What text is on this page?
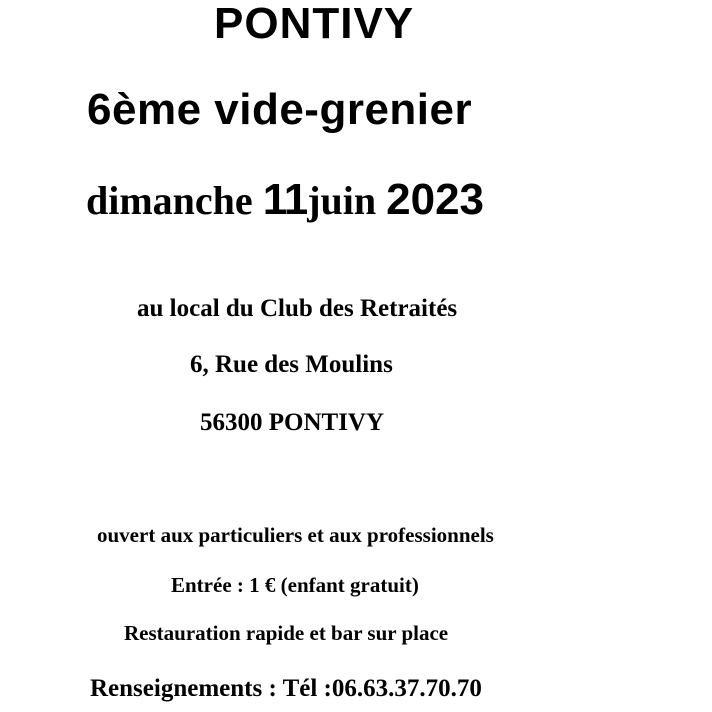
PONTIVY
6ème vide-grenier
dimanche 11juin 2023
au local du Club des Retraités
6, Rue des Moulins
56300 PONTIVY
ouvert aux particuliers et aux professionnels
Entrée : 1 € (enfant gratuit)
Restauration rapide et bar sur place
Renseignements : Tél :06.63.37.70.70
